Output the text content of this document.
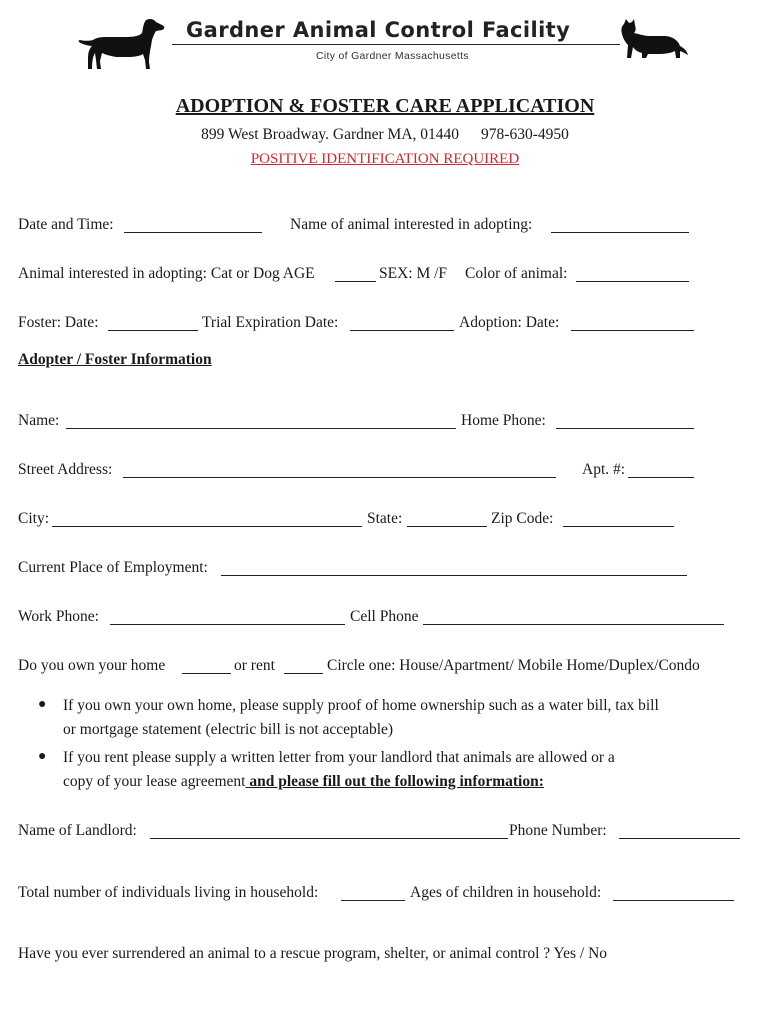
Gardner Animal Control Facility
City of Gardner Massachusetts
ADOPTION & FOSTER CARE APPLICATION
899 West Broadway. Gardner MA, 01440 978-630-4950
POSITIVE IDENTIFICATION REQUIRED
Date and Time:	Name of animal interested in adopting:
Animal interested in adopting: Cat or Dog AGE	SEX: M /F Color of animal:
Foster: Date:	Trial Expiration Date:	Adoption: Date:
Adopter / Foster Information
Name:	Home Phone:
Street Address:	Apt. #:
City:	State:	Zip Code:
Current Place of Employment:
Work Phone:	Cell Phone
Do you own your home	or rent	Circle one: House/Apartment/ Mobile Home/Duplex/Condo
● If you own your own home, please supply proof of home ownership such as a water bill, tax bill
or mortgage statement (electric bill is not acceptable)
● If you rent please supply a written letter from your landlord that animals are allowed or a
copy of your lease agreement and please fill out the following information:
Name of Landlord:	Phone Number:
Total number of individuals living in household:	Ages of children in household:
Have you ever surrendered an animal to a rescue program, shelter, or animal control ? Yes / No
